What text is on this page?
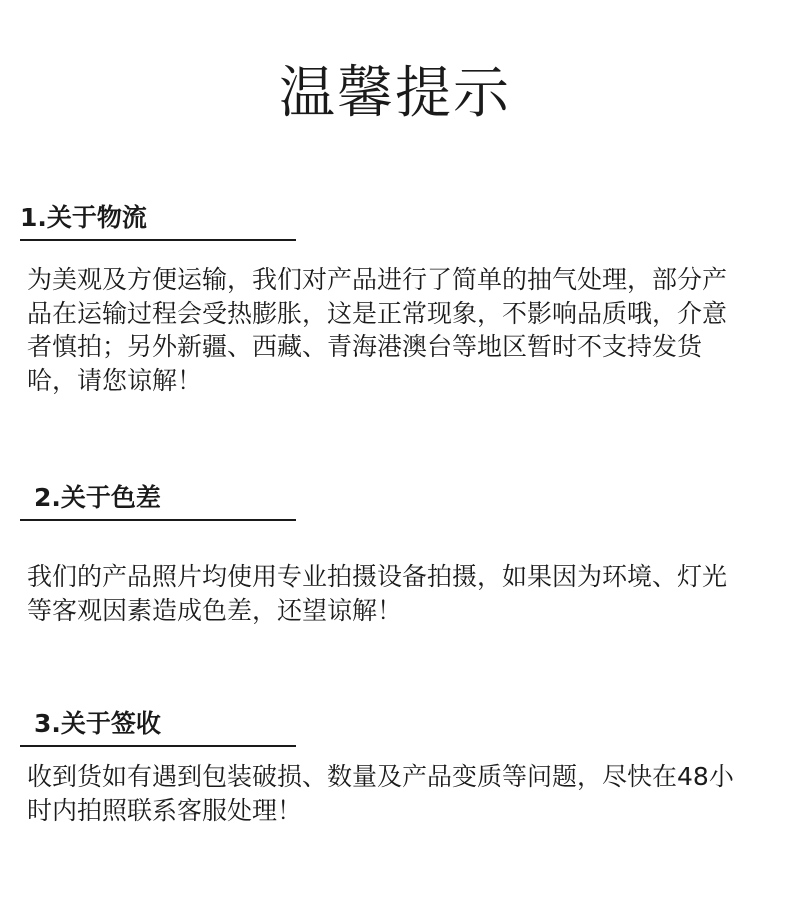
温馨提示
1.关于物流

为美观及方便运输，我们对产品进行了简单的抽气处理，部分产品在运输过程会受热膨胀，这是正常现象，不影响品质哦，介意者慎拍；另外新疆、西藏、青海港澳台等地区暂时不支持发货哈，请您谅解！

2.关于色差

我们的产品照片均使用专业拍摄设备拍摄，如果因为环境、灯光等客观因素造成色差，还望谅解！

3.关于签收

收到货如有遇到包装破损、数量及产品变质等问题，尽快在48小时内拍照联系客服处理！
